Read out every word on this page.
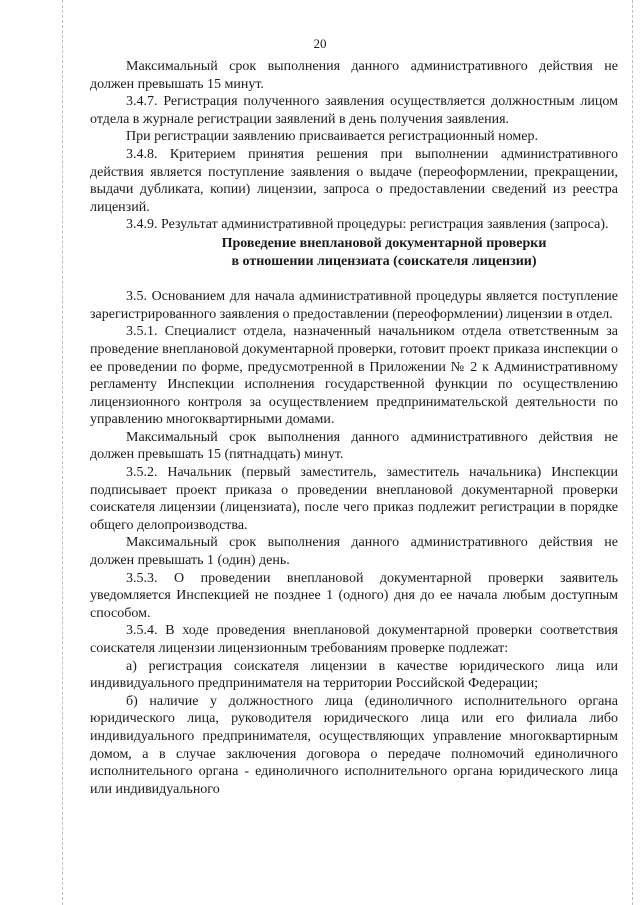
20

Максимальный срок выполнения данного административного действия не должен превышать 15 минут.

3.4.7. Регистрация полученного заявления осуществляется должностным лицом отдела в журнале регистрации заявлений в день получения заявления.

При регистрации заявлению присваивается регистрационный номер.

3.4.8. Критерием принятия решения при выполнении административного действия является поступление заявления о выдаче (переоформлении, прекращении, выдачи дубликата, копии) лицензии, запроса о предоставлении сведений из реестра лицензий.

3.4.9. Результат административной процедуры: регистрация заявления (запроса).

Проведение внеплановой документарной проверки
в отношении лицензиата (соискателя лицензии)

3.5. Основанием для начала административной процедуры является поступление зарегистрированного заявления о предоставлении (переоформлении) лицензии в отдел.

3.5.1. Специалист отдела, назначенный начальником отдела ответственным за проведение внеплановой документарной проверки, готовит проект приказа инспекции о ее проведении по форме, предусмотренной в Приложении № 2 к Административному регламенту Инспекции исполнения государственной функции по осуществлению лицензионного контроля за осуществлением предпринимательской деятельности по управлению многоквартирными домами.

Максимальный срок выполнения данного административного действия не должен превышать 15 (пятнадцать) минут.

3.5.2. Начальник (первый заместитель, заместитель начальника) Инспекции подписывает проект приказа о проведении внеплановой документарной проверки соискателя лицензии (лицензиата), после чего приказ подлежит регистрации в порядке общего делопроизводства.

Максимальный срок выполнения данного административного действия не должен превышать 1 (один) день.

3.5.3. О проведении внеплановой документарной проверки заявитель уведомляется Инспекцией не позднее 1 (одного) дня до ее начала любым доступным способом.

3.5.4. В ходе проведения внеплановой документарной проверки соответствия соискателя лицензии лицензионным требованиям проверке подлежат:

а) регистрация соискателя лицензии в качестве юридического лица или индивидуального предпринимателя на территории Российской Федерации;

б) наличие у должностного лица (единоличного исполнительного органа юридического лица, руководителя юридического лица или его филиала либо индивидуального предпринимателя, осуществляющих управление многоквартирным домом, а в случае заключения договора о передаче полномочий единоличного исполнительного органа - единоличного исполнительного органа юридического лица или индивидуального
